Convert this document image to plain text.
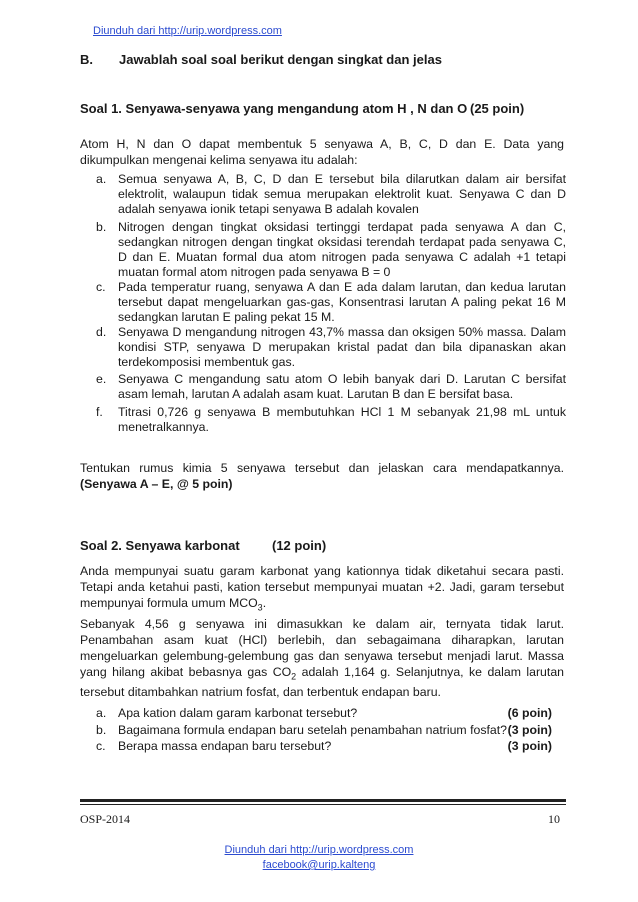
Diunduh dari http://urip.wordpress.com
B. Jawablah soal soal berikut dengan singkat dan jelas
Soal 1. Senyawa-senyawa yang mengandung atom H , N dan O (25 poin)
Atom H, N dan O dapat membentuk 5 senyawa A, B, C, D dan E. Data yang dikumpulkan mengenai kelima senyawa itu adalah:
a. Semua senyawa A, B, C, D dan E tersebut bila dilarutkan dalam air bersifat elektrolit, walaupun tidak semua merupakan elektrolit kuat. Senyawa C dan D adalah senyawa ionik tetapi senyawa B adalah kovalen
b. Nitrogen dengan tingkat oksidasi tertinggi terdapat pada senyawa A dan C, sedangkan nitrogen dengan tingkat oksidasi terendah terdapat pada senyawa C, D dan E. Muatan formal dua atom nitrogen pada senyawa C adalah +1 tetapi muatan formal atom nitrogen pada senyawa B = 0
c.	Pada temperatur ruang, senyawa A dan E ada dalam larutan, dan kedua larutan tersebut dapat mengeluarkan gas-gas, Konsentrasi larutan A paling pekat 16 M sedangkan larutan E paling pekat 15 M.
d. Senyawa D mengandung nitrogen 43,7% massa dan oksigen 50% massa. Dalam kondisi STP, senyawa D merupakan kristal padat dan bila dipanaskan akan terdekomposisi membentuk gas.
e. Senyawa C mengandung satu atom O lebih banyak dari D. Larutan C bersifat asam lemah, larutan A adalah asam kuat. Larutan B dan E bersifat basa.
f.	Titrasi 0,726 g senyawa B membutuhkan HCl 1 M sebanyak 21,98 mL untuk menetralkannya.
Tentukan rumus kimia 5 senyawa tersebut dan jelaskan cara mendapatkannya. (Senyawa A – E, @ 5 poin)
Soal 2. Senyawa karbonat (12 poin)
Anda mempunyai suatu garam karbonat yang kationnya tidak diketahui secara pasti. Tetapi anda ketahui pasti, kation tersebut mempunyai muatan +2. Jadi, garam tersebut mempunyai formula umum $MCO_3$.
Sebanyak 4,56 g senyawa ini dimasukkan ke dalam air, ternyata tidak larut. Penambahan asam kuat (HCl) berlebih, dan sebagaimana diharapkan, larutan mengeluarkan gelembung-gelembung gas dan senyawa tersebut menjadi larut. Massa yang hilang akibat bebasnya gas $CO_2$ adalah 1,164 g. Selanjutnya, ke dalam larutan tersebut ditambahkan natrium fosfat, dan terbentuk endapan baru.
a. Apa kation dalam garam karbonat tersebut?	(6 poin)
b. Bagaimana formula endapan baru setelah penambahan natrium fosfat? (3 poin)
c. Berapa massa endapan baru tersebut?	(3 poin)
OSP-2014	10
Diunduh dari http://urip.wordpress.com
facebook@urip.kalteng
